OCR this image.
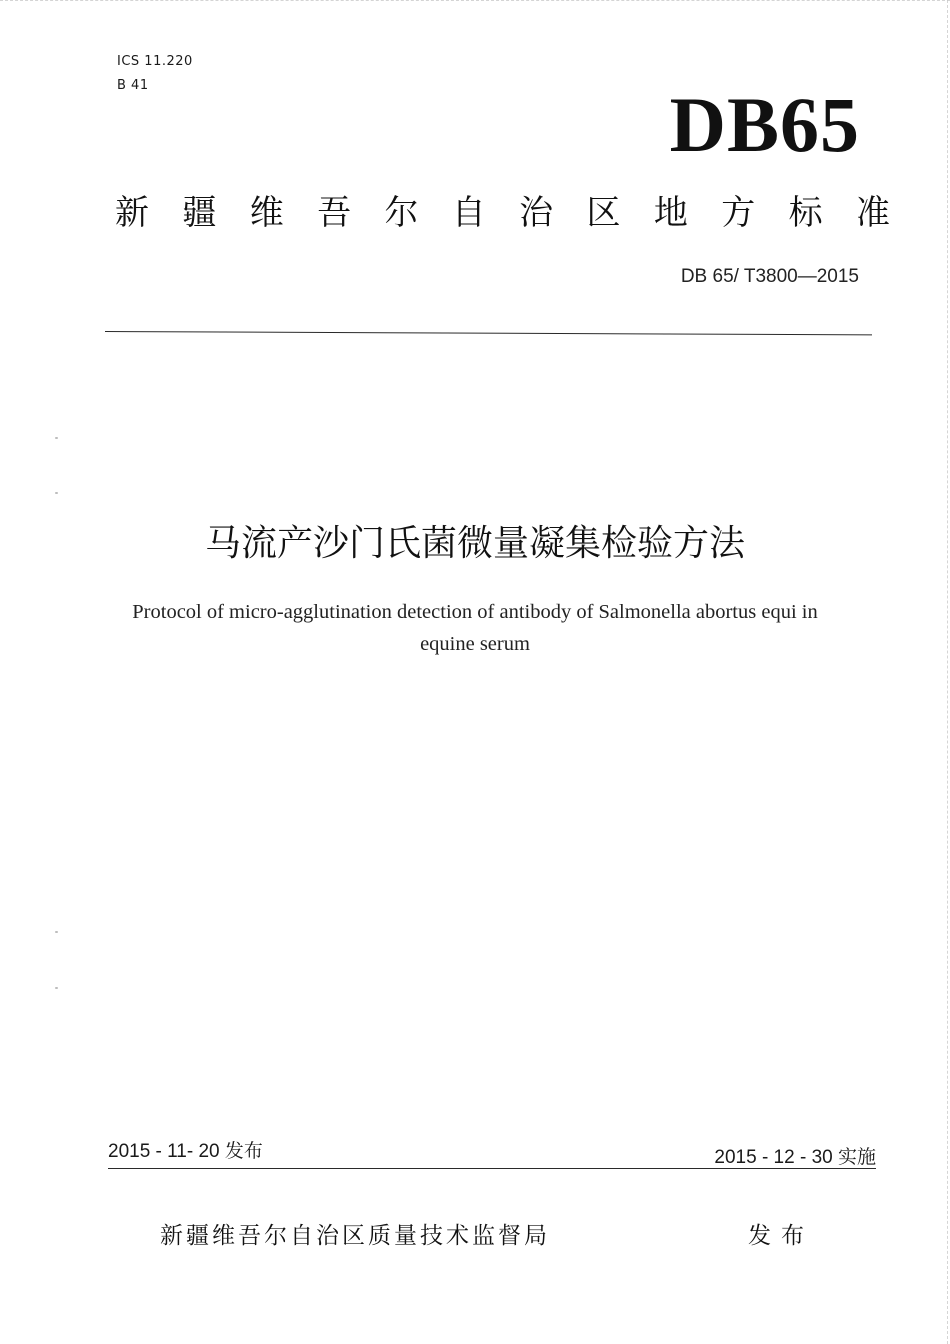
ICS 11.220
B 41	DB65
新 疆 维 吾 尔 自 治 区 地 方 标 准
DB 65/ T3800—2015
马流产沙门氏菌微量凝集检验方法
Protocol of micro-agglutination detection of antibody of Salmonella abortus equi in
equine serum
2015 - 11- 20 发布	2015 - 12 - 30 实施
新疆维吾尔自治区质量技术监督局	发布
